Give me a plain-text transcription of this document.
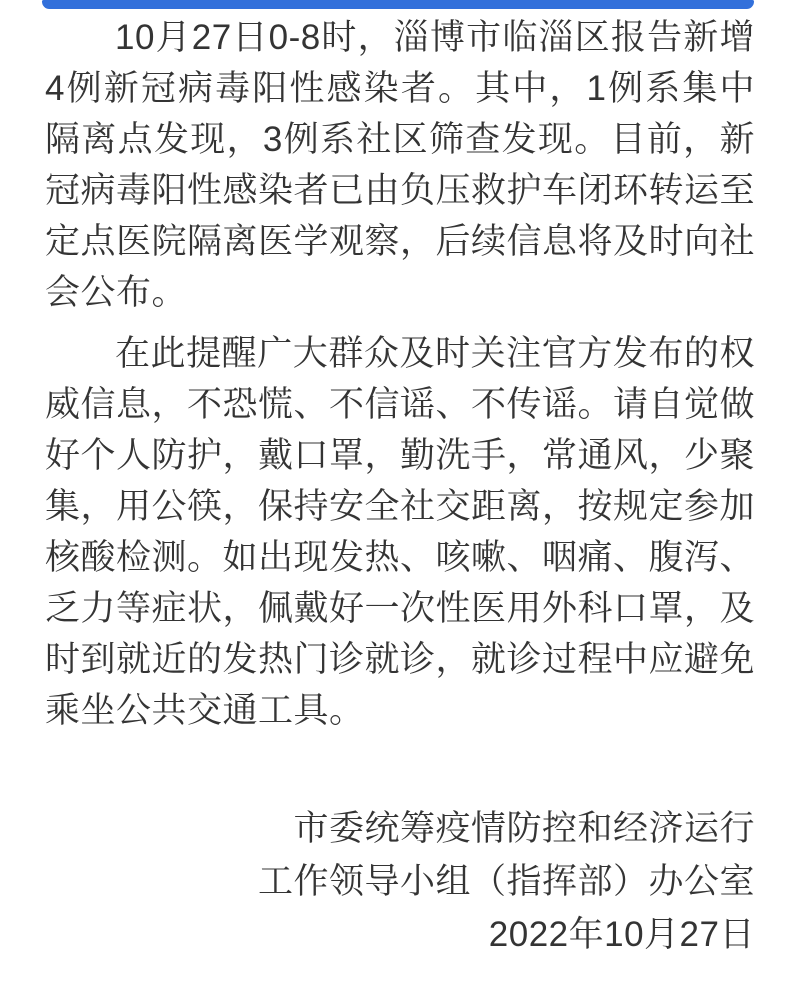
10月27日0-8时，淄博市临淄区报告新增4例新冠病毒阳性感染者。其中，1例系集中隔离点发现，3例系社区筛查发现。目前，新冠病毒阳性感染者已由负压救护车闭环转运至定点医院隔离医学观察，后续信息将及时向社会公布。

在此提醒广大群众及时关注官方发布的权威信息，不恐慌、不信谣、不传谣。请自觉做好个人防护，戴口罩，勤洗手，常通风，少聚集，用公筷，保持安全社交距离，按规定参加核酸检测。如出现发热、咳嗽、咽痛、腹泻、乏力等症状，佩戴好一次性医用外科口罩，及时到就近的发热门诊就诊，就诊过程中应避免乘坐公共交通工具。

市委统筹疫情防控和经济运行
工作领导小组（指挥部）办公室
2022年10月27日
